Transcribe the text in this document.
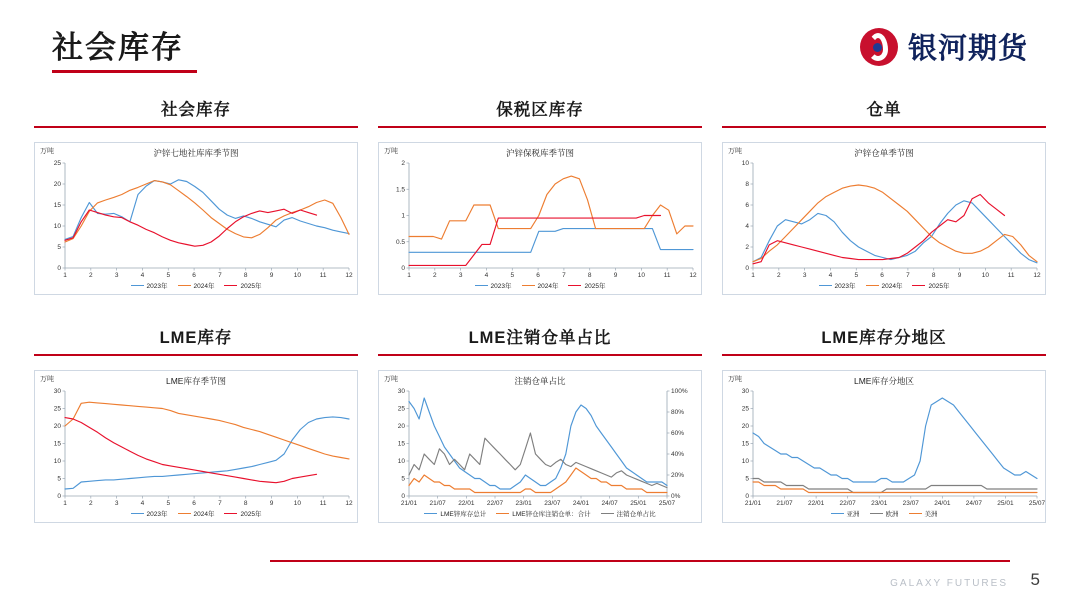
社会库存	银河期货
社会库存
万吨	沪锌七地社库库季节图
0
5
10
15
20
25
1	2	3	4	5	6	7	8	9	10	11	12
2023年	2024年	2025年
保税区库存
万吨	沪锌保税库季节图
0
0.5
1
1.5
2
1	2	3	4	5	6	7	8	9	10	11	12
2023年	2024年	2025年
仓单
万吨	沪锌仓单季节图
0
2
4
6
8
10
1	2	3	4	5	6	7	8	9	10	11	12
2023年	2024年	2025年
LME库存
万吨	LME库存季节图
0
5
10
15
20
25
30
1	2	3	4	5	6	7	8	9	10	11	12
2023年	2024年	2025年
LME注销仓单占比
万吨	注销仓单占比
0
5
10
15
20
25
30
0%
20%
40%
60%
80%
100%
21/01 21/07 22/01 22/07 23/01 23/07 24/01 24/07 25/01 25/07
LME锌库存总计	LME锌仓库注销仓单：合计	注销仓单占比
LME库存分地区
万吨	LME库存分地区
0
5
10
15
20
25
30
21/01 21/07 22/01 22/07 23/01 23/07 24/01 24/07 25/01 25/07
亚洲	欧洲	美洲
GALAXY FUTURES 5
